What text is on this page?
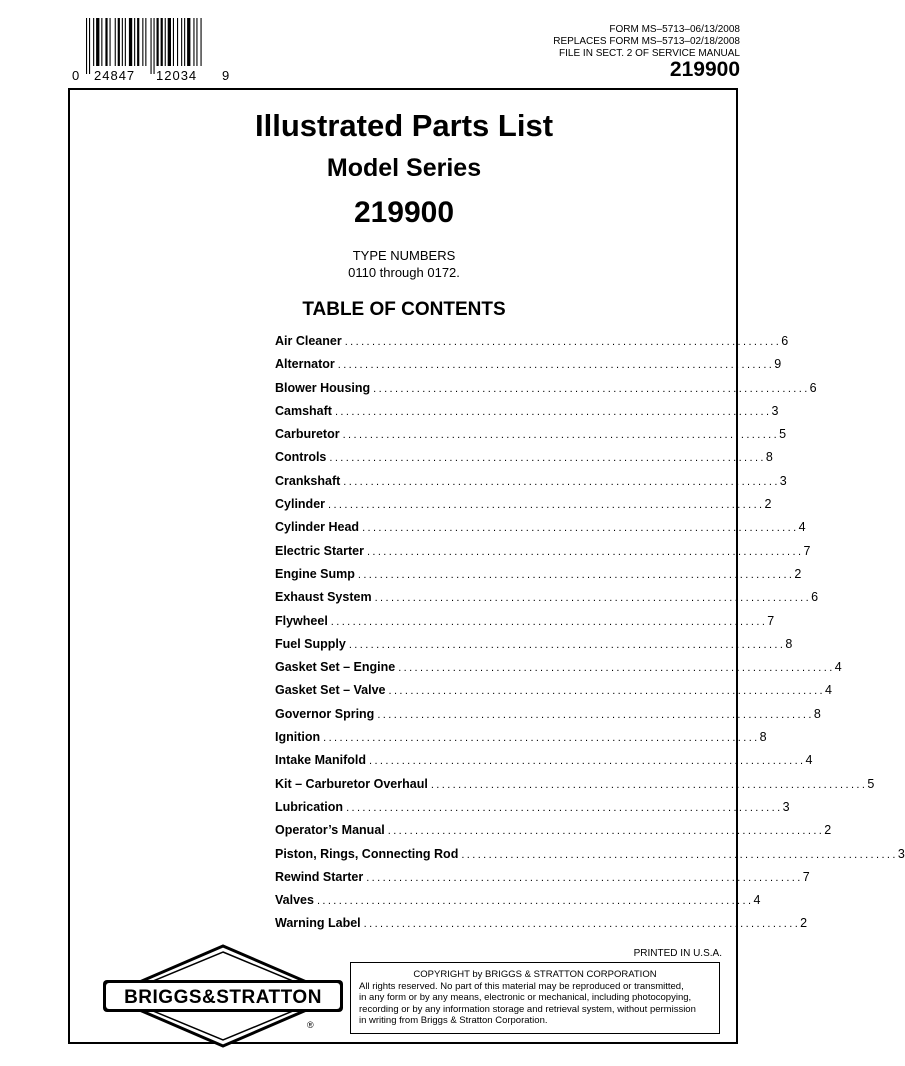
0 24847 12034 9
FORM MS–5713–06/13/2008
REPLACES FORM MS–5713–02/18/2008
FILE IN SECT. 2 OF SERVICE MANUAL
219900
Illustrated Parts List
Model Series
219900
TYPE NUMBERS
0110 through 0172.
TABLE OF CONTENTS
Air Cleaner ................................................................................ 6
Alternator ................................................................................ 9
Blower Housing ................................................................................ 6
Camshaft ................................................................................ 3
Carburetor ................................................................................ 5
Controls ................................................................................ 8
Crankshaft ................................................................................ 3
Cylinder ................................................................................ 2
Cylinder Head ................................................................................ 4
Electric Starter ................................................................................ 7
Engine Sump ................................................................................ 2
Exhaust System ................................................................................ 6
Flywheel ................................................................................ 7
Fuel Supply ................................................................................ 8
Gasket Set – Engine ................................................................................ 4
Gasket Set – Valve ................................................................................ 4
Governor Spring ................................................................................ 8
Ignition ................................................................................ 8
Intake Manifold ................................................................................ 4
Kit – Carburetor Overhaul ................................................................................ 5
Lubrication ................................................................................ 3
Operator’s Manual ................................................................................ 2
Piston, Rings, Connecting Rod ................................................................................ 3
Rewind Starter ................................................................................ 7
Valves ................................................................................ 4
Warning Label ................................................................................ 2
PRINTED IN U.S.A.
BRIGGS&STRATTON
®
COPYRIGHT by BRIGGS & STRATTON CORPORATION
All rights reserved. No part of this material may be reproduced or transmitted,
in any form or by any means, electronic or mechanical, including photocopying,
recording or by any information storage and retrieval system, without permission
in writing from Briggs & Stratton Corporation.
